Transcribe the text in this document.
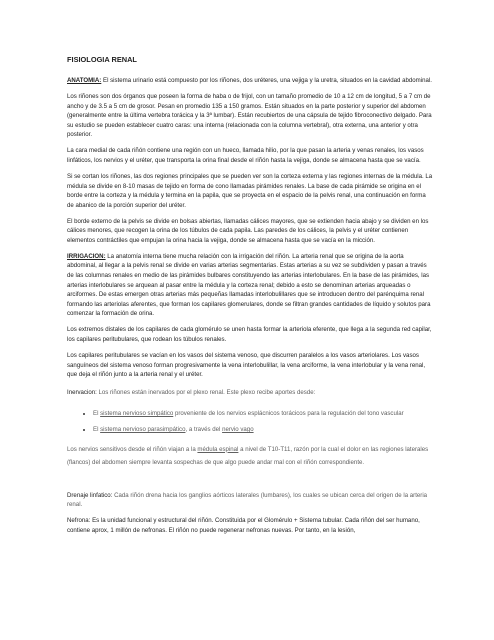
FISIOLOGIA RENAL

ANATOMIA: El sistema urinario está compuesto por los riñones, dos uréteres, una vejiga y la uretra, situados en la cavidad abdominal.

Los riñones son dos órganos que poseen la forma de haba o de frijol, con un tamaño promedio de 10 a 12 cm de longitud, 5 a 7 cm de ancho y de 3.5 a 5 cm de grosor. Pesan en promedio 135 a 150 gramos. Están situados en la parte posterior y superior del abdomen (generalmente entre la última vertebra torácica y la 3ª lumbar). Están recubiertos de una cápsula de tejido fibroconectivo delgado. Para su estudio se pueden establecer cuatro caras: una interna (relacionada con la columna vertebral), otra externa, una anterior y otra posterior.

La cara medial de cada riñón contiene una región con un hueco, llamada hilio, por la que pasan la arteria y venas renales, los vasos linfáticos, los nervios y el uréter, que transporta la orina final desde el riñón hasta la vejiga, donde se almacena hasta que se vacía.

Si se cortan los riñones, las dos regiones principales que se pueden ver son la corteza externa y las regiones internas de la médula. La médula se divide en 8-10 masas de tejido en forma de cono llamadas pirámides renales. La base de cada pirámide se origina en el borde entre la corteza y la médula y termina en la papila, que se proyecta en el espacio de la pelvis renal, una continuación en forma de abanico de la porción superior del uréter.

El borde externo de la pelvis se divide en bolsas abiertas, llamadas cálices mayores, que se extienden hacia abajo y se dividen en los cálices menores, que recogen la orina de los túbulos de cada papila. Las paredes de los cálices, la pelvis y el uréter contienen elementos contráctiles que empujan la orina hacia la vejiga, donde se almacena hasta que se vacía en la micción.

IRRIGACION: La anatomía interna tiene mucha relación con la irrigación del riñón. La arteria renal que se origina de la aorta abdominal, al llegar a la pelvis renal se divide en varias arterias segmentarias. Estas arterias a su vez se subdividen y pasan a través de las columnas renales en medio de las pirámides bulbares constituyendo las arterias interlobulares. En la base de las pirámides, las arterias interlobulares se arquean al pasar entre la médula y la corteza renal; debido a esto se denominan arterias arqueadas o arciformes. De estas emergen otras arterias más pequeñas llamadas interlobulillares que se introducen dentro del parénquima renal formando las arteriolas aferentes, que forman los capilares glomerulares, donde se filtran grandes cantidades de líquido y solutos para comenzar la formación de orina.

Los extremos distales de los capilares de cada glomérulo se unen hasta formar la arteriola eferente, que llega a la segunda red capilar, los capilares peritubulares, que rodean los túbulos renales.

Los capilares peritubulares se vacían en los vasos del sistema venoso, que discurren paralelos a los vasos arteriolares. Los vasos sanguíneos del sistema venoso forman progresivamente la vena interlobulillar, la vena arciforme, la vena interlobular y la vena renal, que deja el riñón junto a la arteria renal y el uréter.

Inervacion: Los riñones están inervados por el plexo renal. Este plexo recibe aportes desde:

• El sistema nervioso simpático proveniente de los nervios esplácnicos torácicos para la regulación del tono vascular
• El sistema nervioso parasimpático, a través del nervio vago

Los nervios sensitivos desde el riñón viajan a la médula espinal a nivel de T10-T11, razón por la cual el dolor en las regiones laterales (flancos) del abdomen siempre levanta sospechas de que algo puede andar mal con el riñón correspondiente.

Drenaje linfatico: Cada riñón drena hacia los ganglios aórticos laterales (lumbares), los cuales se ubican cerca del origen de la arteria renal.

Nefrona: Es la unidad funcional y estructural del riñón. Constituida por el Glomérulo + Sistema tubular. Cada riñón del ser humano, contiene aprox, 1 millón de nefronas. El riñón no puede regenerar nefronas nuevas. Por tanto, en la lesión,
